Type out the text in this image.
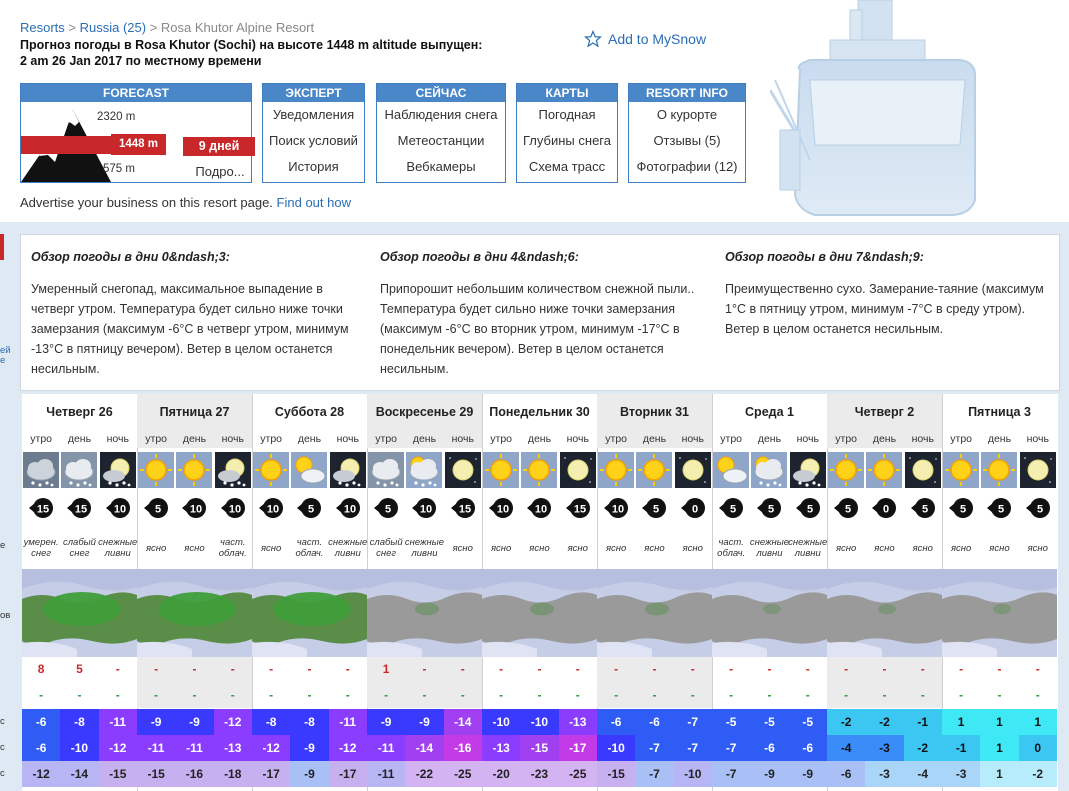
Resorts > Russia (25) > Rosa Khutor Alpine Resort
Прогноз погоды в Rosa Khutor (Sochi) на высоте 1448 m altitude выпущен:
2 am 26 Jan 2017 по местному времени
Add to MySnow
FORECAST
2320 m
1448 m
575 m
9 дней
Подро...
ЭКСПЕРТ
Уведомления
Поиск условий
История
СЕЙЧАС
Наблюдения снега
Метеостанции
Вебкамеры
КАРТЫ
Погодная
Глубины снега
Схема трасс
RESORT INFO
О курорте
Отзывы (5)
Фотографии (12)
Advertise your business on this resort page. Find out how
ей
е
е
ов
с
с
с
Обзор погоды в дни 0&ndash;3:
Умеренный снегопад, максимальное выпадение в четверг утром. Температура будет сильно ниже точки замерзания (максимум -6°C в четверг утром, минимум -13°C в пятницу вечером). Ветер в целом останется несильным.
Обзор погоды в дни 4&ndash;6:
Припорошит небольшим количеством снежной пыли.. Температура будет сильно ниже точки замерзания (максимум -6°C во вторник утром, минимум -17°C в понедельник вечером). Ветер в целом останется несильным.
Обзор погоды в дни 7&ndash;9:
Преимущественно сухо. Замерание-таяние (максимум 1°C в пятницу утром, минимум -7°C в среду утром). Ветер в целом останется несильным.
Четверг 26
утро
15
умерен. снег
8
-
-6
-6
-12
день
15
слабый снег
5
-
-8
-10
-14
ночь
10
снежные ливни
-
-
-11
-12
-15
Пятница 27
утро
5
ясно
-
-
-9
-11
-15
день
10
ясно
-
-
-9
-11
-16
ночь
10
част. облач.
-
-
-12
-13
-18
Суббота 28
утро
10
ясно
-
-
-8
-12
-17
день
5
част. облач.
-
-
-8
-9
-9
ночь
10
снежные ливни
-
-
-11
-12
-17
Воскресенье 29
утро
5
слабый снег
1
-
-9
-11
-11
день
10
снежные ливни
-
-
-9
-14
-22
ночь
15
ясно
-
-
-14
-16
-25
Понедельник 30
утро
10
ясно
-
-
-10
-13
-20
день
10
ясно
-
-
-10
-15
-23
ночь
15
ясно
-
-
-13
-17
-25
Вторник 31
утро
10
ясно
-
-
-6
-10
-15
день
5
ясно
-
-
-6
-7
-7
ночь
0
ясно
-
-
-7
-7
-10
Среда 1
утро
5
част. облач.
-
-
-5
-7
-7
день
5
снежные ливни
-
-
-5
-6
-9
ночь
5
снежные ливни
-
-
-5
-6
-9
Четверг 2
утро
5
ясно
-
-
-2
-4
-6
день
0
ясно
-
-
-2
-3
-3
ночь
5
ясно
-
-
-1
-2
-4
Пятница 3
утро
5
ясно
-
-
1
-1
-3
день
5
ясно
-
-
1
1
1
ночь
5
ясно
-
-
1
0
-2
